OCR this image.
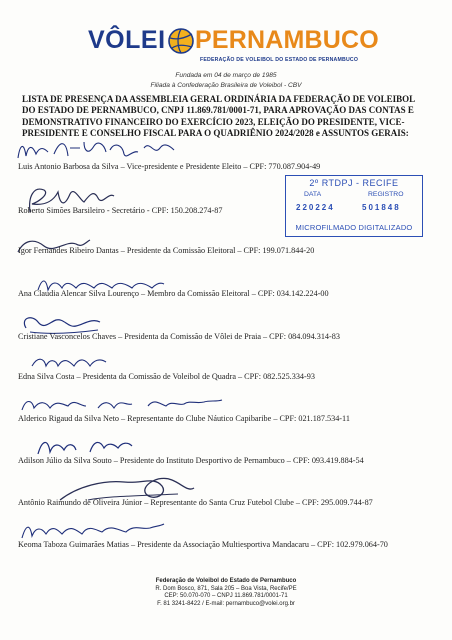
VÔLEI PERNAMBUCO
FEDERAÇÃO DE VOLEIBOL DO ESTADO DE PERNAMBUCO
Fundada em 04 de março de 1985
Filiada à Confederação Brasileira de Voleibol - CBV
LISTA DE PRESENÇA DA ASSEMBLEIA GERAL ORDINÁRIA DA FEDERAÇÃO DE VOLEIBOL
DO ESTADO DE PERNAMBUCO, CNPJ 11.869.781/0001-71, PARA APROVAÇÃO DAS CONTAS E
DEMONSTRATIVO FINANCEIRO DO EXERCÍCIO 2023, ELEIÇÃO DO PRESIDENTE, VICE-
PRESIDENTE E CONSELHO FISCAL PARA O QUADRIÊNIO 2024/2028 e ASSUNTOS GERAIS:
2º RTDPJ - RECIFE
DATA	REGISTRO
220224	501848
MICROFILMADO DIGITALIZADO
Luis Antonio Barbosa da Silva – Vice-presidente e Presidente Eleito – CPF: 770.087.904-49
Roberto Simões Barsileiro - Secretário - CPF: 150.208.274-87
Igor Fernandes Ribeiro Dantas – Presidente da Comissão Eleitoral – CPF: 199.071.844-20
Ana Claudia Alencar Silva Lourenço – Membro da Comissão Eleitoral – CPF: 034.142.224-00
Cristiane Vasconcelos Chaves – Presidenta da Comissão de Vôlei de Praia – CPF: 084.094.314-83
Edna Silva Costa – Presidenta da Comissão de Voleibol de Quadra – CPF: 082.525.334-93
Alderico Rigaud da Silva Neto – Representante do Clube Náutico Capibaribe – CPF: 021.187.534-11
Adilson Júlio da Silva Souto – Presidente do Instituto Desportivo de Pernambuco – CPF: 093.419.884-54
Antônio Raimundo de Oliveira Júnior – Representante do Santa Cruz Futebol Clube – CPF: 295.009.744-87
Keoma Taboza Guimarães Matias – Presidente da Associação Multiesportiva Mandacaru – CPF: 102.979.064-70
Federação de Voleibol do Estado de Pernambuco
R. Dom Bosco, 871, Sala 205 – Boa Vista, Recife/PE
CEP: 50.070-070 – CNPJ 11.869.781/0001-71
F. 81 3241-8422 / E-mail: pernambuco@volei.org.br
